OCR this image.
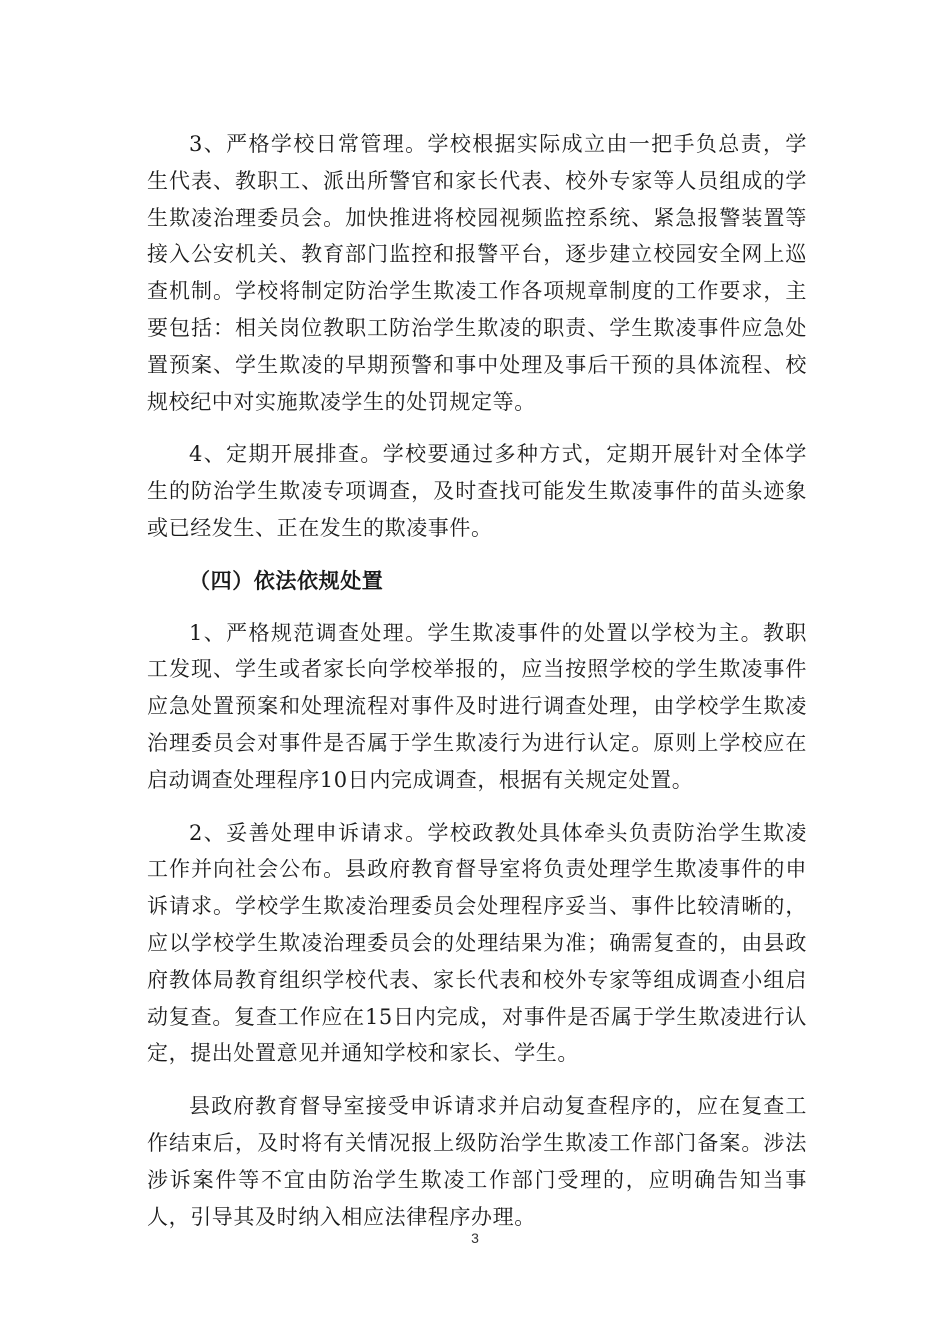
3、严格学校日常管理。学校根据实际成立由一把手负总责，学生代表、教职工、派出所警官和家长代表、校外专家等人员组成的学生欺凌治理委员会。加快推进将校园视频监控系统、紧急报警装置等接入公安机关、教育部门监控和报警平台，逐步建立校园安全网上巡查机制。学校将制定防治学生欺凌工作各项规章制度的工作要求，主要包括：相关岗位教职工防治学生欺凌的职责、学生欺凌事件应急处置预案、学生欺凌的早期预警和事中处理及事后干预的具体流程、校规校纪中对实施欺凌学生的处罚规定等。

4、定期开展排查。学校要通过多种方式，定期开展针对全体学生的防治学生欺凌专项调查，及时查找可能发生欺凌事件的苗头迹象或已经发生、正在发生的欺凌事件。

（四）依法依规处置

1、严格规范调查处理。学生欺凌事件的处置以学校为主。教职工发现、学生或者家长向学校举报的，应当按照学校的学生欺凌事件应急处置预案和处理流程对事件及时进行调查处理，由学校学生欺凌治理委员会对事件是否属于学生欺凌行为进行认定。原则上学校应在启动调查处理程序10日内完成调查，根据有关规定处置。

2、妥善处理申诉请求。学校政教处具体牵头负责防治学生欺凌工作并向社会公布。县政府教育督导室将负责处理学生欺凌事件的申诉请求。学校学生欺凌治理委员会处理程序妥当、事件比较清晰的，应以学校学生欺凌治理委员会的处理结果为准；确需复查的，由县政府教体局教育组织学校代表、家长代表和校外专家等组成调查小组启动复查。复查工作应在15日内完成，对事件是否属于学生欺凌进行认定，提出处置意见并通知学校和家长、学生。

县政府教育督导室接受申诉请求并启动复查程序的，应在复查工作结束后，及时将有关情况报上级防治学生欺凌工作部门备案。涉法涉诉案件等不宜由防治学生欺凌工作部门受理的，应明确告知当事人，引导其及时纳入相应法律程序办理。

3
